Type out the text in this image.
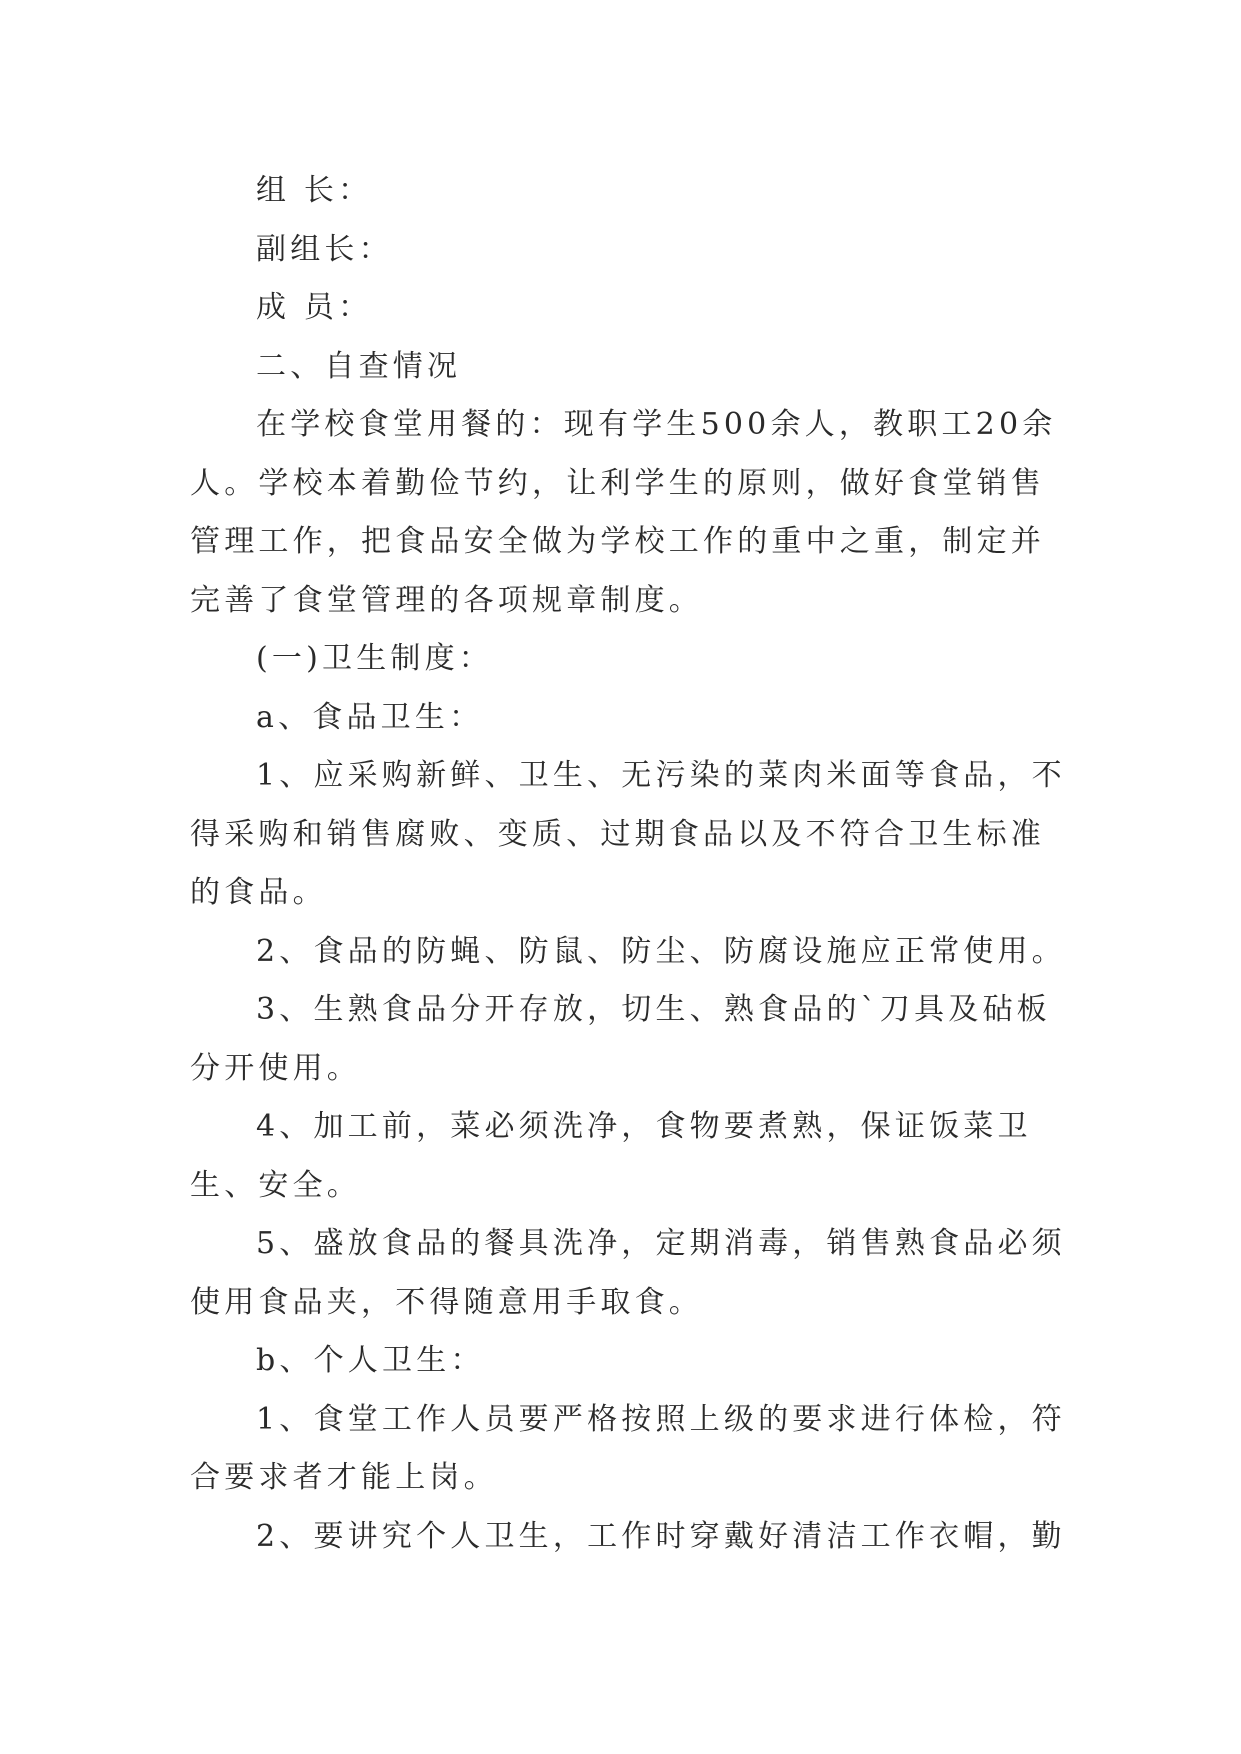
组 长：

副组长：

成 员：

二、自查情况

在学校食堂用餐的：现有学生500余人，教职工20余人。学校本着勤俭节约，让利学生的原则，做好食堂销售管理工作，把食品安全做为学校工作的重中之重，制定并完善了食堂管理的各项规章制度。

(一)卫生制度：

a、食品卫生：

1、应采购新鲜、卫生、无污染的菜肉米面等食品，不得采购和销售腐败、变质、过期食品以及不符合卫生标准的食品。

2、食品的防蝇、防鼠、防尘、防腐设施应正常使用。

3、生熟食品分开存放，切生、熟食品的`刀具及砧板分开使用。

4、加工前，菜必须洗净，食物要煮熟，保证饭菜卫生、安全。

5、盛放食品的餐具洗净，定期消毒，销售熟食品必须使用食品夹，不得随意用手取食。

b、个人卫生：

1、食堂工作人员要严格按照上级的要求进行体检，符合要求者才能上岗。

2、要讲究个人卫生，工作时穿戴好清洁工作衣帽，勤
